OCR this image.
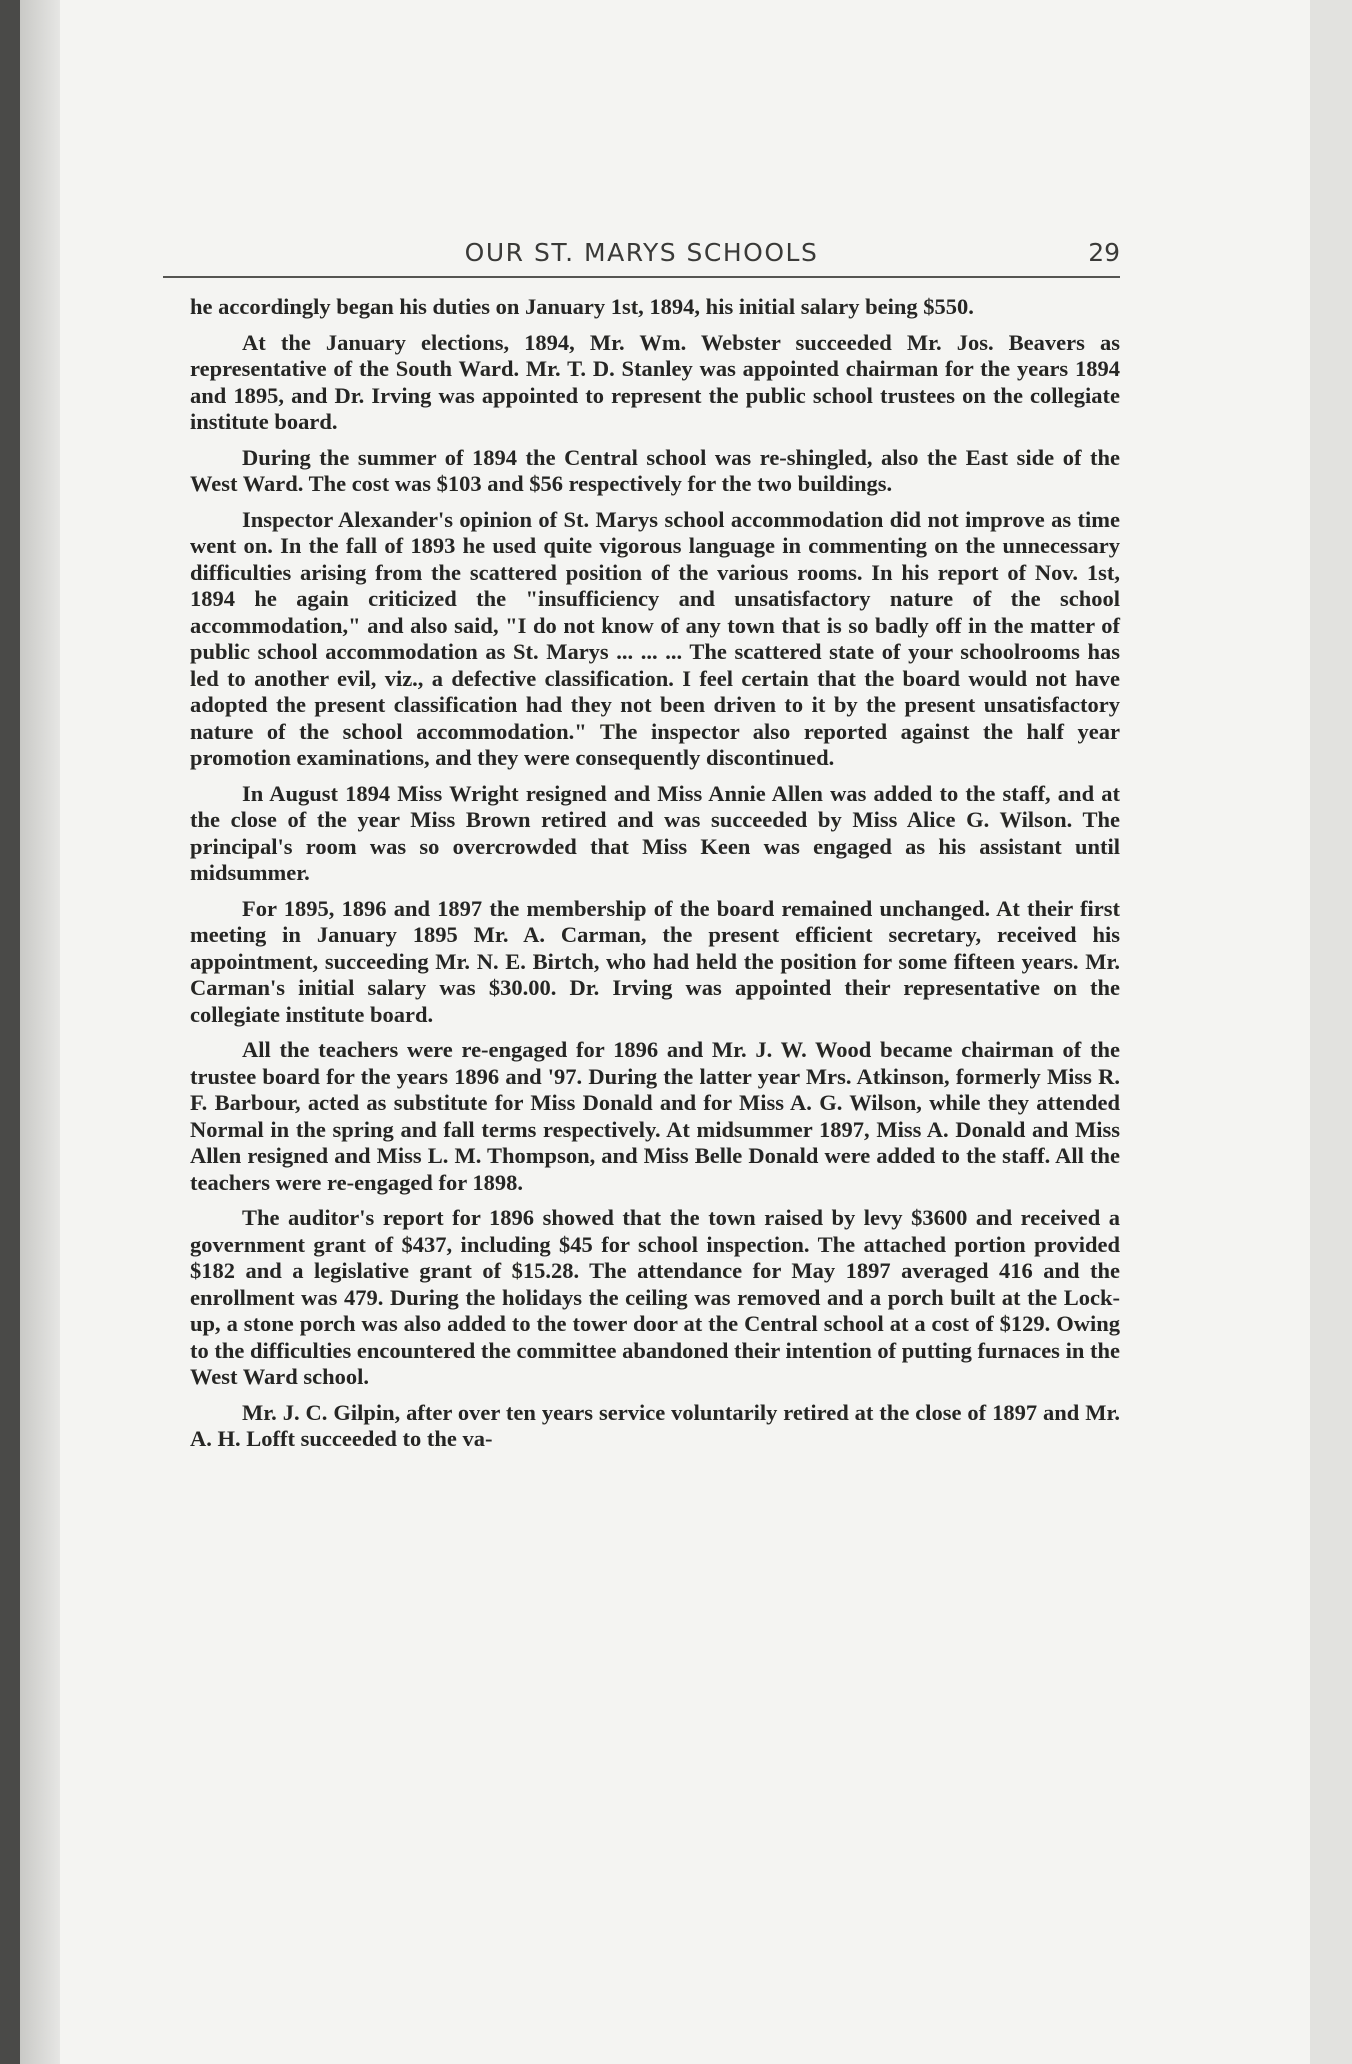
OUR ST. MARYS SCHOOLS	29

he accordingly began his duties on January 1st, 1894, his initial salary being $550.

At the January elections, 1894, Mr. Wm. Webster succeeded Mr. Jos. Beavers as representative of the South Ward. Mr. T. D. Stanley was appointed chairman for the years 1894 and 1895, and Dr. Irving was appointed to represent the public school trustees on the collegiate institute board.

During the summer of 1894 the Central school was re-shingled, also the East side of the West Ward. The cost was $103 and $56 respectively for the two buildings.

Inspector Alexander's opinion of St. Marys school accommodation did not improve as time went on. In the fall of 1893 he used quite vigorous language in commenting on the unnecessary difficulties arising from the scattered position of the various rooms. In his report of Nov. 1st, 1894 he again criticized the "insufficiency and unsatisfactory nature of the school accommodation," and also said, "I do not know of any town that is so badly off in the matter of public school accommodation as St. Marys ... ... ... The scattered state of your schoolrooms has led to another evil, viz., a defective classification. I feel certain that the board would not have adopted the present classification had they not been driven to it by the present unsatisfactory nature of the school accommodation." The inspector also reported against the half year promotion examinations, and they were consequently discontinued.

In August 1894 Miss Wright resigned and Miss Annie Allen was added to the staff, and at the close of the year Miss Brown retired and was succeeded by Miss Alice G. Wilson. The principal's room was so overcrowded that Miss Keen was engaged as his assistant until midsummer.

For 1895, 1896 and 1897 the membership of the board remained unchanged. At their first meeting in January 1895 Mr. A. Carman, the present efficient secretary, received his appointment, succeeding Mr. N. E. Birtch, who had held the position for some fifteen years. Mr. Carman's initial salary was $30.00. Dr. Irving was appointed their representative on the collegiate institute board.

All the teachers were re-engaged for 1896 and Mr. J. W. Wood became chairman of the trustee board for the years 1896 and '97. During the latter year Mrs. Atkinson, formerly Miss R. F. Barbour, acted as substitute for Miss Donald and for Miss A. G. Wilson, while they attended Normal in the spring and fall terms respectively. At midsummer 1897, Miss A. Donald and Miss Allen resigned and Miss L. M. Thompson, and Miss Belle Donald were added to the staff. All the teachers were re-engaged for 1898.

The auditor's report for 1896 showed that the town raised by levy $3600 and received a government grant of $437, including $45 for school inspection. The attached portion provided $182 and a legislative grant of $15.28. The attendance for May 1897 averaged 416 and the enrollment was 479. During the holidays the ceiling was removed and a porch built at the Lock-up, a stone porch was also added to the tower door at the Central school at a cost of $129. Owing to the difficulties encountered the committee abandoned their intention of putting furnaces in the West Ward school.

Mr. J. C. Gilpin, after over ten years service voluntarily retired at the close of 1897 and Mr. A. H. Lofft succeeded to the va-
